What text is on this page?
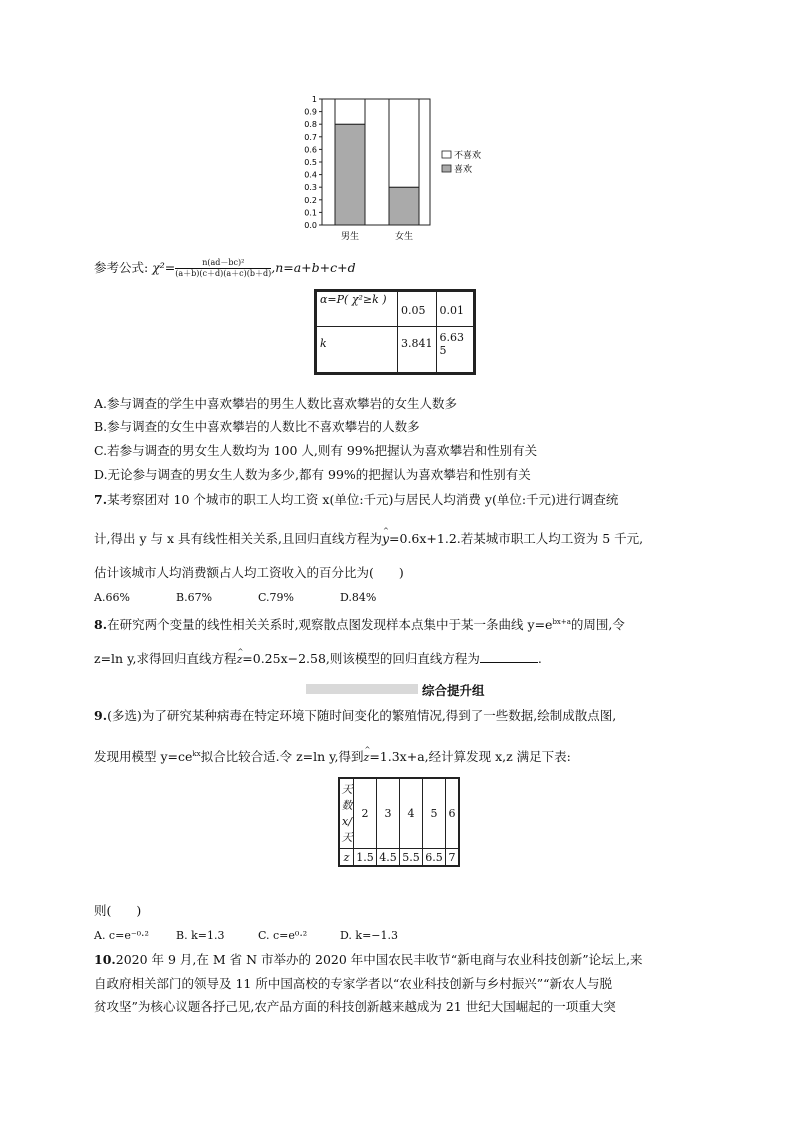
0.0
0.1
0.2
0.3
0.4
0.5
0.6
0.7
0.8
0.9
1
男生	女生
不喜欢
喜欢
参考公式: $\chi^2= \frac{\text{n(ad－bc)²}}{(a+b)(c+d)(a+c)(b+d)} ,n=a+b+c+d$
α=P( χ²≥k )	0.05	0.01
k	3.841	6.635
A.参与调查的学生中喜欢攀岩的男生人数比喜欢攀岩的女生人数多
B.参与调查的女生中喜欢攀岩的人数比不喜欢攀岩的人数多
C.若参与调查的男女生人数均为 100 人,则有 99%把握认为喜欢攀岩和性别有关
D.无论参与调查的男女生人数为多少,都有 99%的把握认为喜欢攀岩和性别有关
7.某考察团对 10 个城市的职工人均工资 x(单位:千元)与居民人均消费 y(单位:千元)进行调查统
计,得出 y 与 x 具有线性相关关系,且回归直线方程为^ y=0.6x+1.2.若某城市职工人均工资为 5 千元,
估计该城市人均消费额占人均工资收入的百分比为(　　)
A.66%	B.67%	C.79%	D.84%
8.在研究两个变量的线性相关关系时,观察散点图发现样本点集中于某一条曲线 $y=e^{bx+a}$的周围,令
z=ln y,求得回归直线方程^ z=0.25x−2.58,则该模型的回归直线方程为	.
综合提升组
9.(多选)为了研究某种病毒在特定环境下随时间变化的繁殖情况,得到了一些数据,绘制成散点图,
发现用模型 $y=ce^{kx}$拟合比较合适.令 z=ln y,得到^ z=1.3x+a,经计算发现 x,z 满足下表:
天数x/天	2	3	4	5	6
z	1.5	4.5	5.5	6.5	7
则(　　)
A. c=e⁻⁰·² B. k=1.3	C. c=e⁰·²	D. k=−1.3
10.2020 年 9 月,在 M 省 N 市举办的 2020 年中国农民丰收节“新电商与农业科技创新”论坛上,来
自政府相关部门的领导及 11 所中国高校的专家学者以“农业科技创新与乡村振兴”“新农人与脱
贫攻坚”为核心议题各抒己见,农产品方面的科技创新越来越成为 21 世纪大国崛起的一项重大突
